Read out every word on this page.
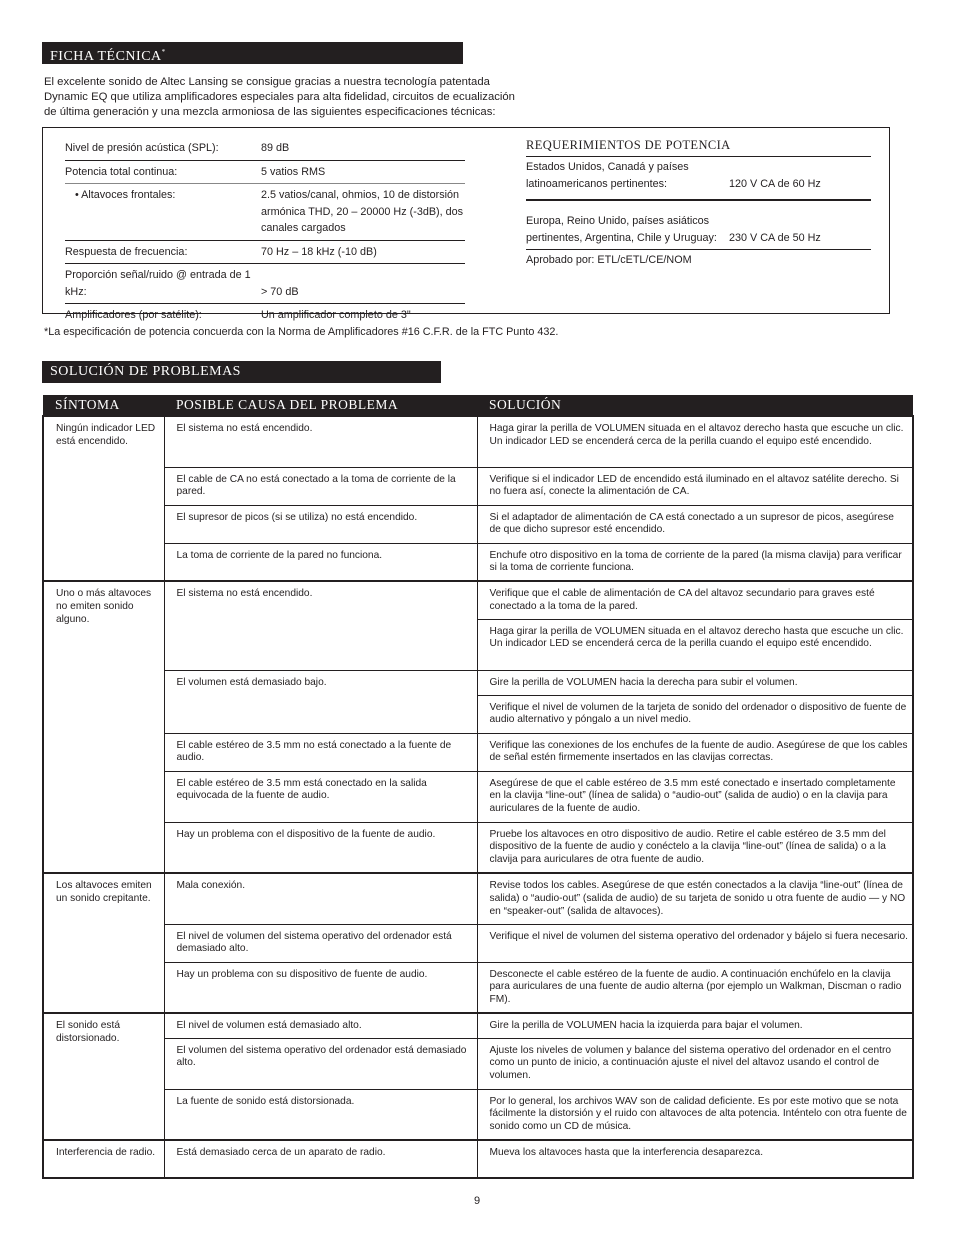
FICHA TÉCNICA*
El excelente sonido de Altec Lansing se consigue gracias a nuestra tecnología patentada
Dynamic EQ que utiliza amplificadores especiales para alta fidelidad, circuitos de ecualización
de última generación y una mezcla armoniosa de las siguientes especificaciones técnicas:
Nivel de presión acústica (SPL):	89 dB
Potencia total continua:	5 vatios RMS
• Altavoces frontales:	2.5 vatios/canal, ohmios, 10 de distorsión armónica THD, 20 – 20000 Hz (-3dB), dos canales cargados
Respuesta de frecuencia:	70 Hz – 18 kHz (-10 dB)
Proporción señal/ruido @ entrada de 1 kHz:	> 70 dB
Amplificadores (por satélite):	Un amplificador completo de 3"
REQUERIMIENTOS DE POTENCIA
Estados Unidos, Canadá y países latinoamericanos pertinentes:	120 V CA de 60 Hz
Europa, Reino Unido, países asiáticos pertinentes, Argentina, Chile y Uruguay:	230 V CA de 50 Hz
Aprobado por: ETL/cETL/CE/NOM
*La especificación de potencia concuerda con la Norma de Amplificadores #16 C.F.R. de la FTC Punto 432.
SOLUCIÓN DE PROBLEMAS
SÍNTOMA	POSIBLE CAUSA DEL PROBLEMA	SOLUCIÓN
Ningún indicador LED está encendido.	El sistema no está encendido.	Haga girar la perilla de VOLUMEN situada en el altavoz derecho hasta que escuche un clic. Un indicador LED se encenderá cerca de la perilla cuando el equipo esté encendido.
	El cable de CA no está conectado a la toma de corriente de la pared.	Verifique si el indicador LED de encendido está iluminado en el altavoz satélite derecho. Si no fuera así, conecte la alimentación de CA.
	El supresor de picos (si se utiliza) no está encendido.	Si el adaptador de alimentación de CA está conectado a un supresor de picos, asegúrese de que dicho supresor esté encendido.
	La toma de corriente de la pared no funciona.	Enchufe otro dispositivo en la toma de corriente de la pared (la misma clavija) para verificar si la toma de corriente funciona.
Uno o más altavoces no emiten sonido alguno.	El sistema no está encendido.	Verifique que el cable de alimentación de CA del altavoz secundario para graves esté conectado a la toma de la pared.
		Haga girar la perilla de VOLUMEN situada en el altavoz derecho hasta que escuche un clic. Un indicador LED se encenderá cerca de la perilla cuando el equipo esté encendido.
	El volumen está demasiado bajo.	Gire la perilla de VOLUMEN hacia la derecha para subir el volumen.
		Verifique el nivel de volumen de la tarjeta de sonido del ordenador o dispositivo de fuente de audio alternativo y póngalo a un nivel medio.
	El cable estéreo de 3.5 mm no está conectado a la fuente de audio.	Verifique las conexiones de los enchufes de la fuente de audio. Asegúrese de que los cables de señal estén firmemente insertados en las clavijas correctas.
	El cable estéreo de 3.5 mm está conectado en la salida equivocada de la fuente de audio.	Asegúrese de que el cable estéreo de 3.5 mm esté conectado e insertado completamente en la clavija “line-out” (línea de salida) o “audio-out” (salida de audio) o en la clavija para auriculares de la fuente de audio.
	Hay un problema con el dispositivo de la fuente de audio.	Pruebe los altavoces en otro dispositivo de audio. Retire el cable estéreo de 3.5 mm del dispositivo de la fuente de audio y conéctelo a la clavija “line-out” (línea de salida) o a la clavija para auriculares de otra fuente de audio.
Los altavoces emiten un sonido crepitante.	Mala conexión.	Revise todos los cables. Asegúrese de que estén conectados a la clavija “line-out” (línea de salida) o “audio-out” (salida de audio) de su tarjeta de sonido u otra fuente de audio — y NO en “speaker-out” (salida de altavoces).
	El nivel de volumen del sistema operativo del ordenador está demasiado alto.	Verifique el nivel de volumen del sistema operativo del ordenador y bájelo si fuera necesario.
	Hay un problema con su dispositivo de fuente de audio.	Desconecte el cable estéreo de la fuente de audio. A continuación enchúfelo en la clavija para auriculares de una fuente de audio alterna (por ejemplo un Walkman, Discman o radio FM).
El sonido está distorsionado.	El nivel de volumen está demasiado alto.	Gire la perilla de VOLUMEN hacia la izquierda para bajar el volumen.
	El volumen del sistema operativo del ordenador está demasiado alto.	Ajuste los niveles de volumen y balance del sistema operativo del ordenador en el centro como un punto de inicio, a continuación ajuste el nivel del altavoz usando el control de volumen.
	La fuente de sonido está distorsionada.	Por lo general, los archivos WAV son de calidad deficiente. Es por este motivo que se nota fácilmente la distorsión y el ruido con altavoces de alta potencia. Inténtelo con otra fuente de sonido como un CD de música.
Interferencia de radio.	Está demasiado cerca de un aparato de radio.	Mueva los altavoces hasta que la interferencia desaparezca.
9
